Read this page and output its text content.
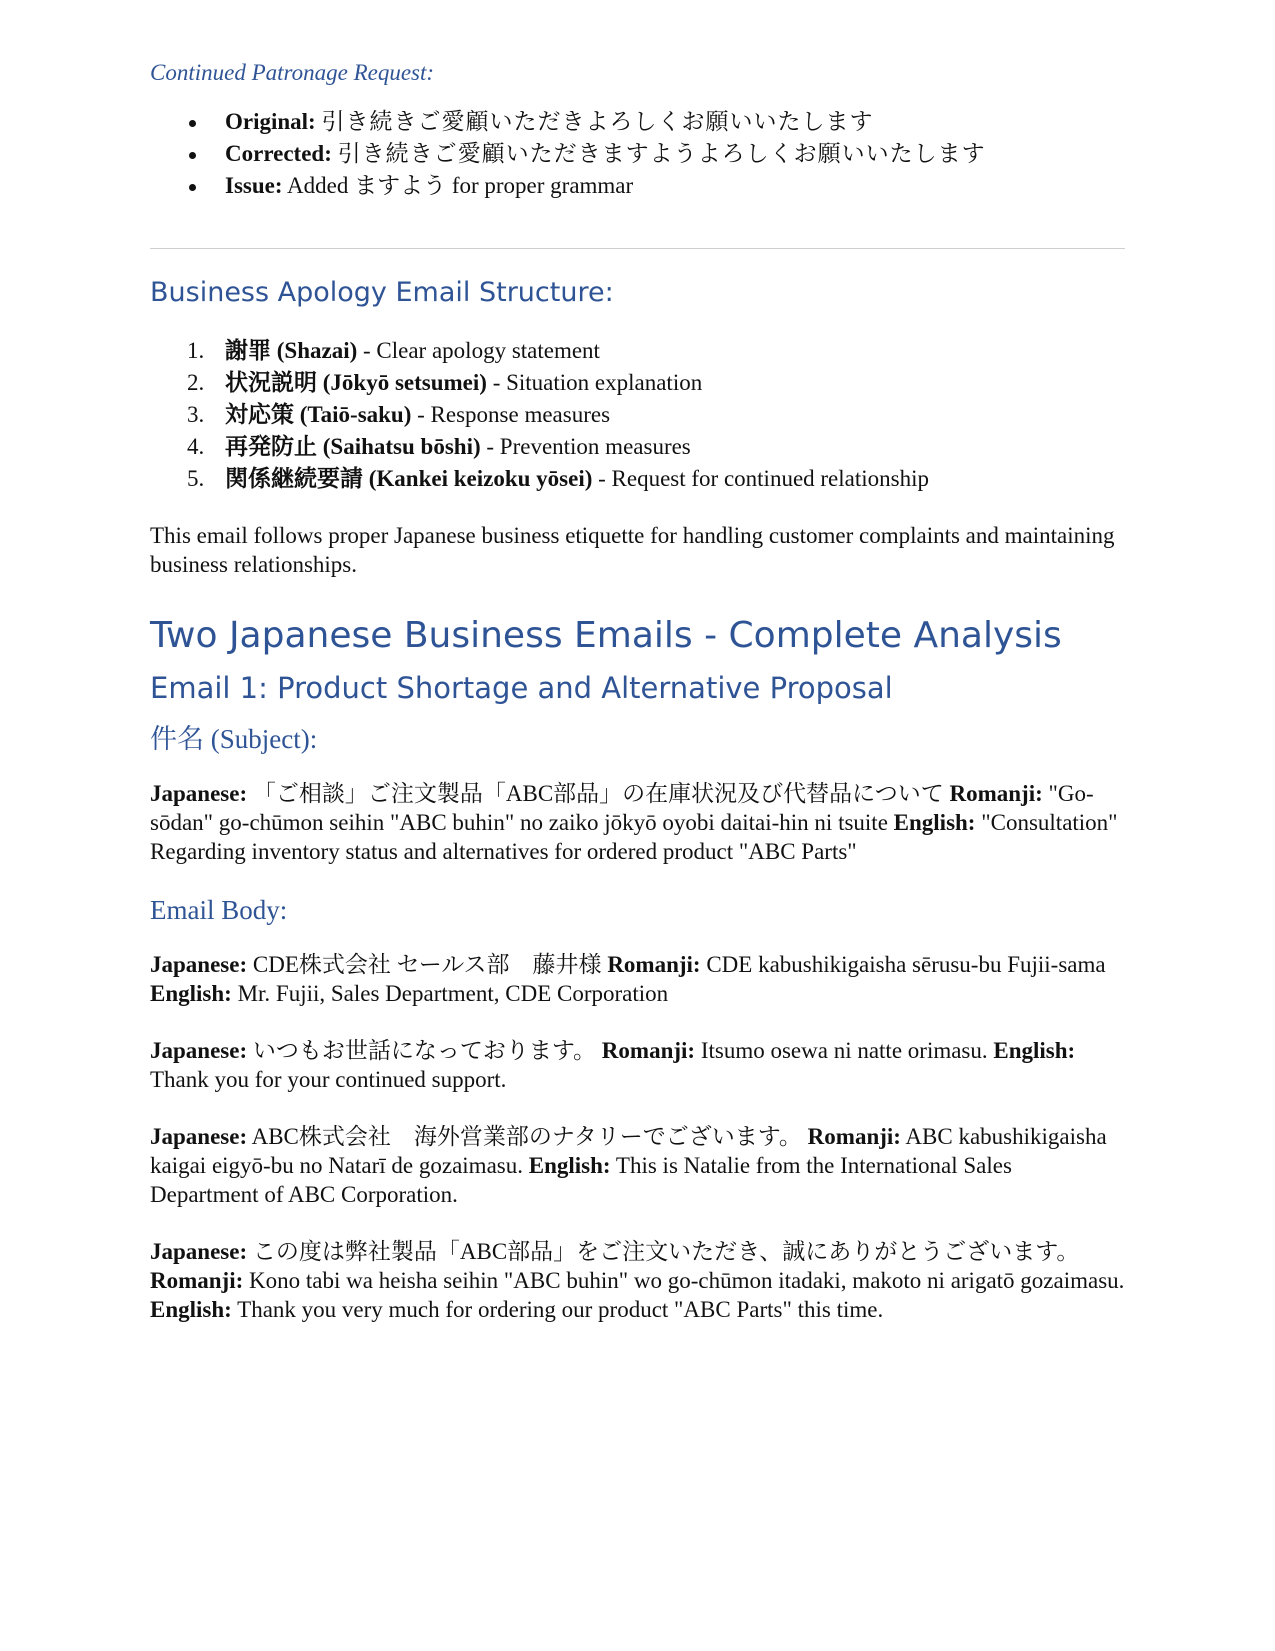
Continued Patronage Request:
Original: 引き続きご愛顧いただきよろしくお願いいたします
Corrected: 引き続きご愛顧いただきますようよろしくお願いいたします
Issue: Added ますよう for proper grammar
Business Apology Email Structure:
1. 謝罪 (Shazai) - Clear apology statement
2. 状況説明 (Jōkyō setsumei) - Situation explanation
3. 対応策 (Taiō-saku) - Response measures
4. 再発防止 (Saihatsu bōshi) - Prevention measures
5. 関係継続要請 (Kankei keizoku yōsei) - Request for continued relationship

This email follows proper Japanese business etiquette for handling customer complaints and maintaining business relationships.

Two Japanese Business Emails - Complete Analysis
Email 1: Product Shortage and Alternative Proposal
件名 (Subject):

Japanese: 「ご相談」ご注文製品「ABC部品」の在庫状況及び代替品について Romanji: "Go-sōdan" go-chūmon seihin "ABC buhin" no zaiko jōkyō oyobi daitai-hin ni tsuite English: "Consultation" Regarding inventory status and alternatives for ordered product "ABC Parts"

Email Body:

Japanese: CDE株式会社 セールス部　藤井様 Romanji: CDE kabushikigaisha sērusu-bu Fujii-sama English: Mr. Fujii, Sales Department, CDE Corporation

Japanese: いつもお世話になっております。 Romanji: Itsumo osewa ni natte orimasu. English: Thank you for your continued support.

Japanese: ABC株式会社　海外営業部のナタリーでございます。 Romanji: ABC kabushikigaisha kaigai eigyō-bu no Natarī de gozaimasu. English: This is Natalie from the International Sales Department of ABC Corporation.

Japanese: この度は弊社製品「ABC部品」をご注文いただき、誠にありがとうございます。 Romanji: Kono tabi wa heisha seihin "ABC buhin" wo go-chūmon itadaki, makoto ni arigatō gozaimasu. English: Thank you very much for ordering our product "ABC Parts" this time.
